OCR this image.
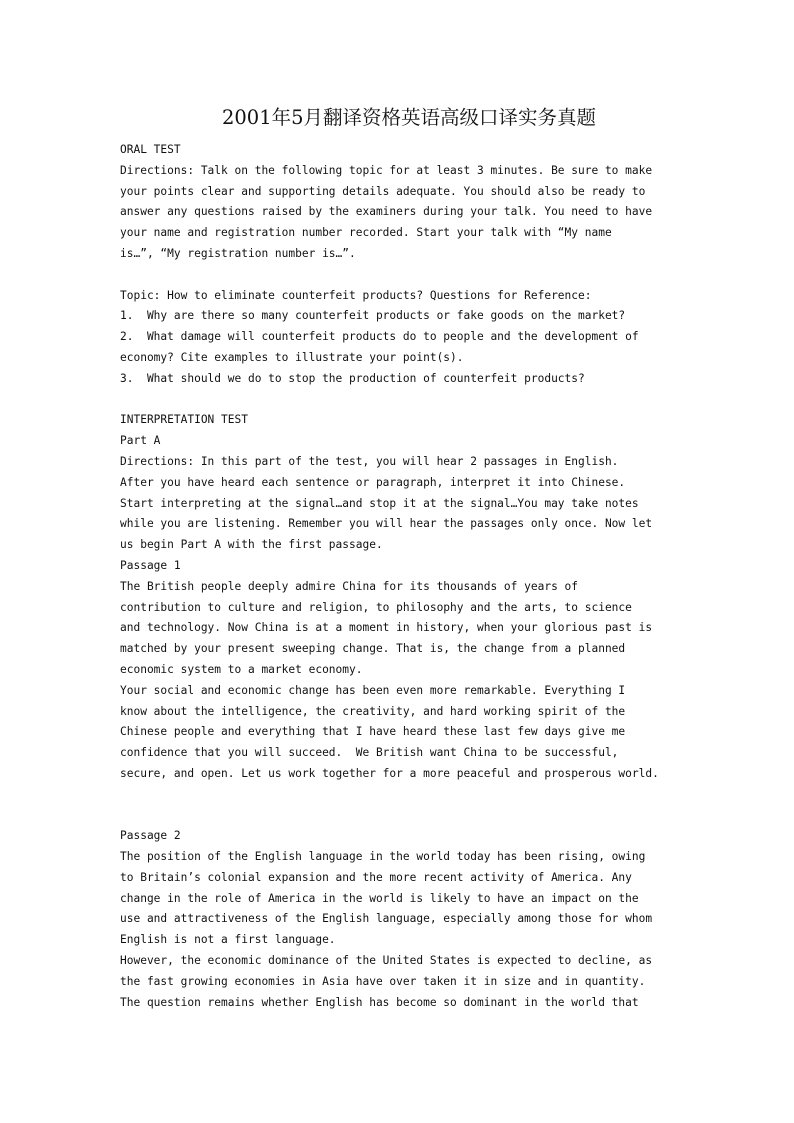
2001年5月翻译资格英语高级口译实务真题

ORAL TEST

Directions: Talk on the following topic for at least 3 minutes. Be sure to make

your points clear and supporting details adequate. You should also be ready to

answer any questions raised by the examiners during your talk. You need to have

your name and registration number recorded. Start your talk with “My name

is…”, “My registration number is…”.

Topic: How to eliminate counterfeit products? Questions for Reference:

1.  Why are there so many counterfeit products or fake goods on the market?

2.  What damage will counterfeit products do to people and the development of

economy? Cite examples to illustrate your point(s).

3.  What should we do to stop the production of counterfeit products?

INTERPRETATION TEST

Part A

Directions: In this part of the test, you will hear 2 passages in English.

After you have heard each sentence or paragraph, interpret it into Chinese.

Start interpreting at the signal…and stop it at the signal…You may take notes

while you are listening. Remember you will hear the passages only once. Now let

us begin Part A with the first passage.

Passage 1

The British people deeply admire China for its thousands of years of

contribution to culture and religion, to philosophy and the arts, to science

and technology. Now China is at a moment in history, when your glorious past is

matched by your present sweeping change. That is, the change from a planned

economic system to a market economy.

Your social and economic change has been even more remarkable. Everything I

know about the intelligence, the creativity, and hard working spirit of the

Chinese people and everything that I have heard these last few days give me

confidence that you will succeed.  We British want China to be successful,

secure, and open. Let us work together for a more peaceful and prosperous world.

Passage 2

The position of the English language in the world today has been rising, owing

to Britain’s colonial expansion and the more recent activity of America. Any

change in the role of America in the world is likely to have an impact on the

use and attractiveness of the English language, especially among those for whom

English is not a first language.

However, the economic dominance of the United States is expected to decline, as

the fast growing economies in Asia have over taken it in size and in quantity.

The question remains whether English has become so dominant in the world that
